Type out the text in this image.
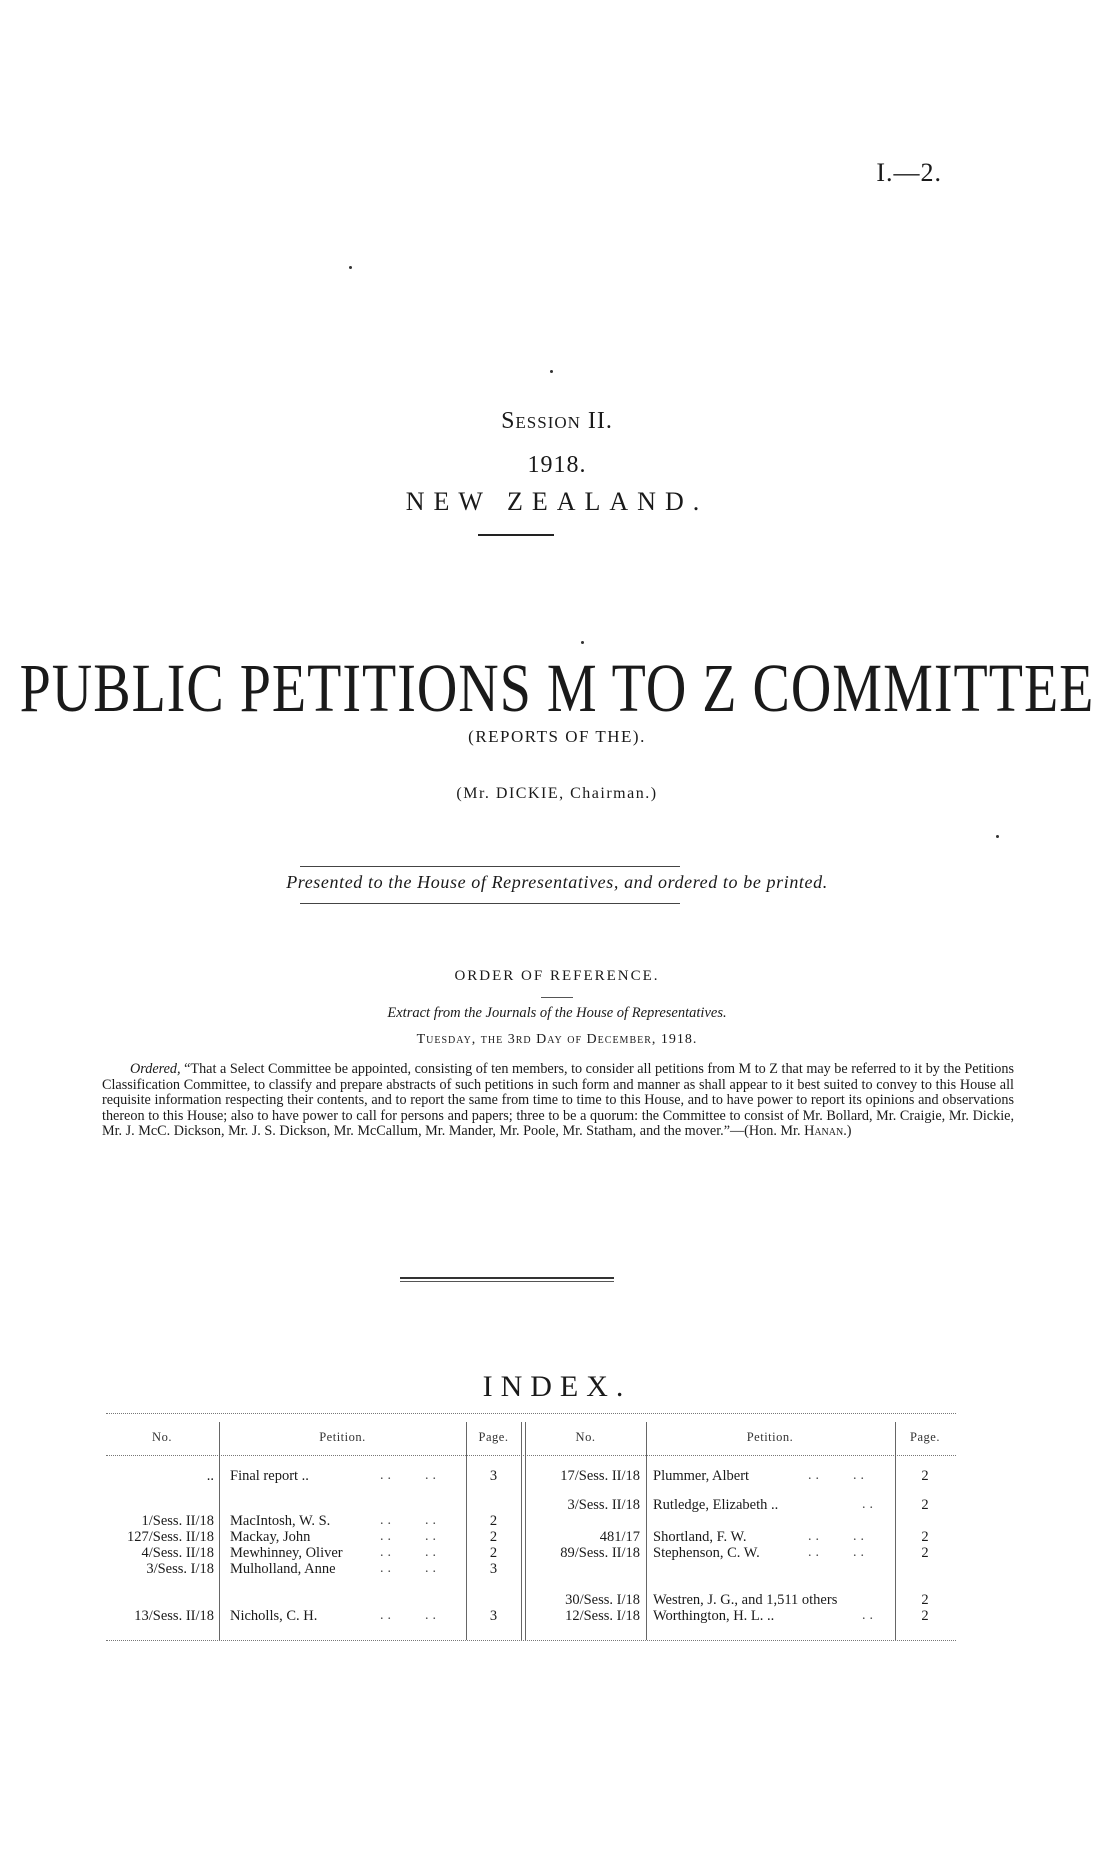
I.—2.
Session II.
1918.
NEW ZEALAND.
PUBLIC PETITIONS M TO Z COMMITTEE
(REPORTS OF THE).
(Mr. DICKIE, Chairman.)
Presented to the House of Representatives, and ordered to be printed.
ORDER OF REFERENCE.
Extract from the Journals of the House of Representatives.
Tuesday, the 3rd Day of December, 1918.
Ordered, “That a Select Committee be appointed, consisting of ten members, to consider all petitions from M to Z that may be referred to it by the Petitions Classification Committee, to classify and prepare abstracts of such petitions in such form and manner as shall appear to it best suited to convey to this House all requisite information respecting their contents, and to report the same from time to time to this House, and to have power to report its opinions and observations thereon to this House; also to have power to call for persons and papers; three to be a quorum: the Committee to consist of Mr. Bollard, Mr. Craigie, Mr. Dickie, Mr. J. McC. Dickson, Mr. J. S. Dickson, Mr. McCallum, Mr. Mander, Mr. Poole, Mr. Statham, and the mover.”—(Hon. Mr. Hanan.)
INDEX.
No.	Petition.	Page.	No.	Petition.	Page.
.. Final report ..	..    ..	3
1/Sess. II/18 MacIntosh, W. S.	..    ..	2
127/Sess. II/18 Mackay, John	..    ..	2
4/Sess. II/18 Mewhinney, Oliver	..    ..	2
3/Sess. I/18 Mulholland, Anne	..    ..	3
13/Sess. II/18 Nicholls, C. H.	..    ..	3
17/Sess. II/18 Plummer, Albert	..    ..	2
3/Sess. II/18 Rutledge, Elizabeth ..	..	2
481/17 Shortland, F. W.	..    ..	2
89/Sess. II/18 Stephenson, C. W.	..    ..	2
30/Sess. I/18 Westren, J. G., and 1,511 others	2
12/Sess. I/18 Worthington, H. L. ..	..	2
